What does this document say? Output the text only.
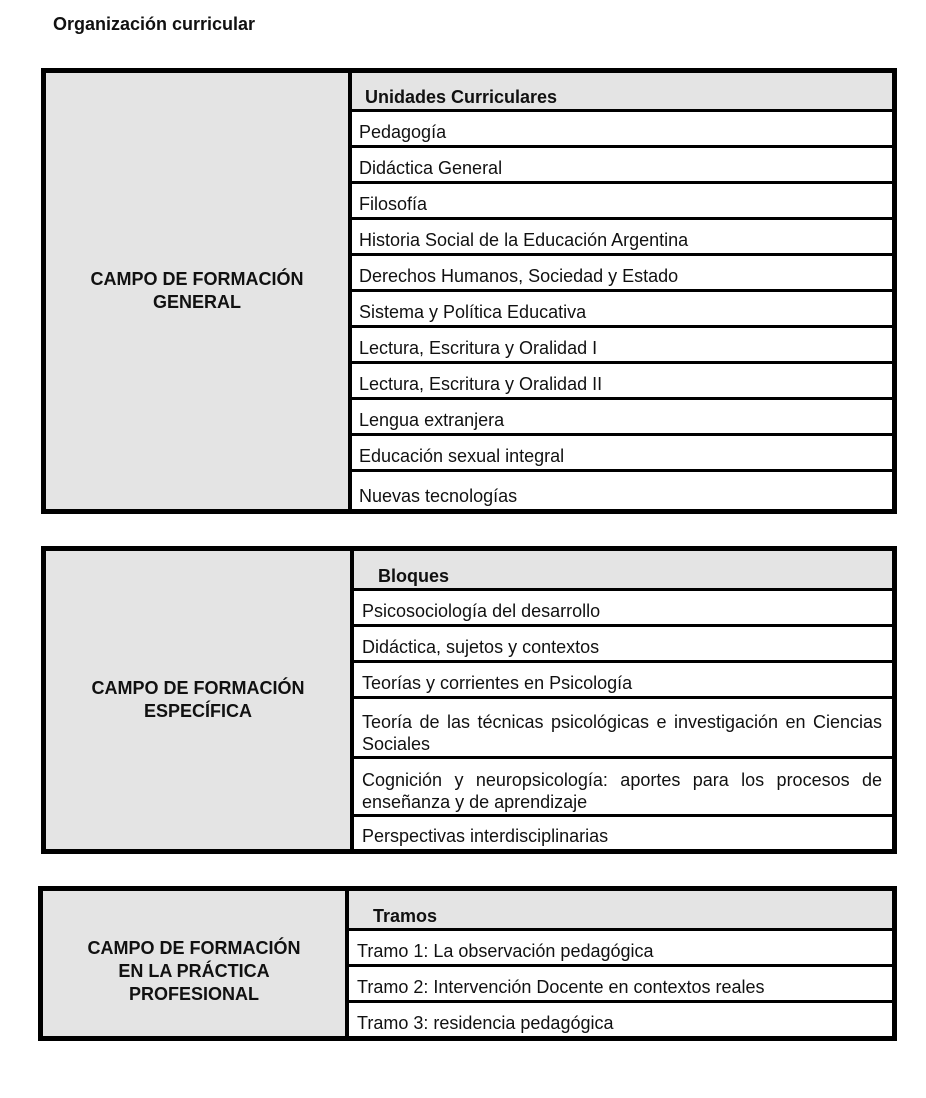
Organización curricular
CAMPO DE FORMACIÓN
GENERAL
Unidades Curriculares
Pedagogía
Didáctica General
Filosofía
Historia Social de la Educación Argentina
Derechos Humanos, Sociedad y Estado
Sistema y Política Educativa
Lectura, Escritura y Oralidad I
Lectura, Escritura y Oralidad II
Lengua extranjera
Educación sexual integral
Nuevas tecnologías
CAMPO DE FORMACIÓN
ESPECÍFICA
Bloques
Psicosociología del desarrollo
Didáctica, sujetos y contextos
Teorías y corrientes en Psicología
Teoría de las técnicas psicológicas e investigación en Ciencias Sociales
Cognición y neuropsicología: aportes para los procesos de enseñanza y de aprendizaje
Perspectivas interdisciplinarias
CAMPO DE FORMACIÓN
EN LA PRÁCTICA
PROFESIONAL
Tramos
Tramo 1: La observación pedagógica
Tramo 2: Intervención Docente en contextos reales
Tramo 3: residencia pedagógica
